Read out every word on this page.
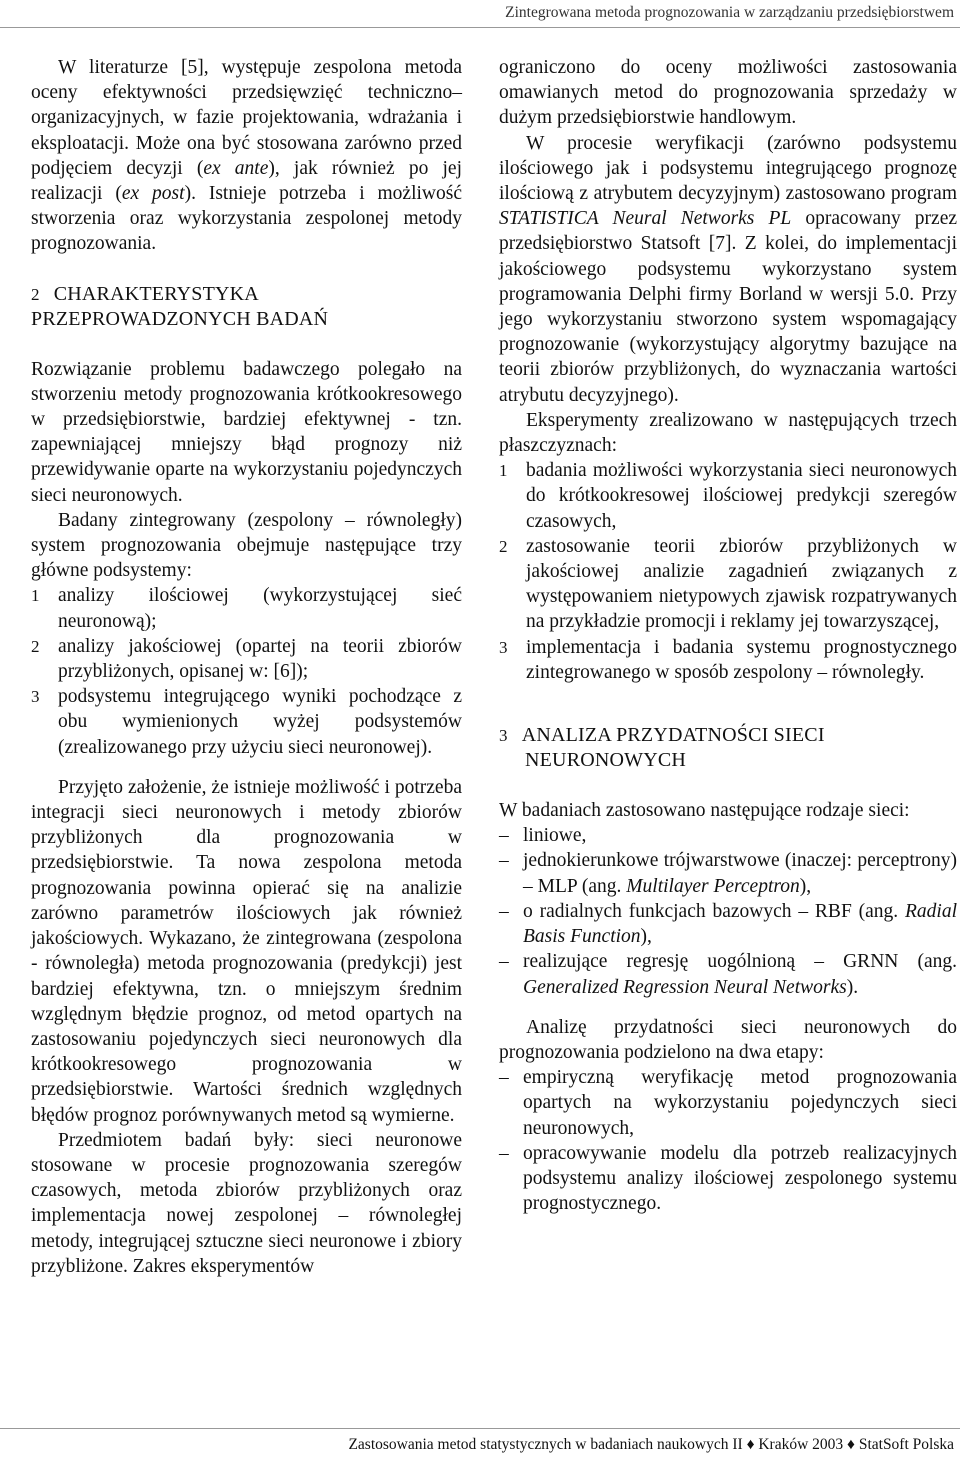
Zintegrowana metoda prognozowania w zarządzaniu przedsiębiorstwem

W literaturze [5], występuje zespolona metoda oceny efektywności przedsięwzięć techniczno–organizacyjnych, w fazie projektowania, wdrażania i eksploatacji. Może ona być stosowana zarówno przed podjęciem decyzji (ex ante), jak również po jej realizacji (ex post). Istnieje potrzeba i możliwość stworzenia oraz wykorzystania zespolonej metody prognozowania.

2 CHARAKTERYSTYKA
PRZEPROWADZONYCH BADAŃ

Rozwiązanie problemu badawczego polegało na stworzeniu metody prognozowania krótkookresowego w przedsiębiorstwie, bardziej efektywnej - tzn. zapewniającej mniejszy błąd prognozy niż przewidywanie oparte na wykorzystaniu pojedynczych sieci neuronowych.

Badany zintegrowany (zespolony – równoległy) system prognozowania obejmuje następujące trzy główne podsystemy:

1 analizy ilościowej (wykorzystującej sieć neuronową);
2 analizy jakościowej (opartej na teorii zbiorów przybliżonych, opisanej w: [6]);
3 podsystemu integrującego wyniki pochodzące z obu wymienionych wyżej podsystemów (zrealizowanego przy użyciu sieci neuronowej).

Przyjęto założenie, że istnieje możliwość i potrzeba integracji sieci neuronowych i metody zbiorów przybliżonych dla prognozowania w przedsiębiorstwie. Ta nowa zespolona metoda prognozowania powinna opierać się na analizie zarówno parametrów ilościowych jak również jakościowych. Wykazano, że zintegrowana (zespolona - równoległa) metoda prognozowania (predykcji) jest bardziej efektywna, tzn. o mniejszym średnim względnym błędzie prognoz, od metod opartych na zastosowaniu pojedynczych sieci neuronowych dla krótkookresowego prognozowania w przedsiębiorstwie. Wartości średnich względnych błędów prognoz porównywanych metod są wymierne.

Przedmiotem badań były: sieci neuronowe stosowane w procesie prognozowania szeregów czasowych, metoda zbiorów przybliżonych oraz implementacja nowej zespolonej – równoległej metody, integrującej sztuczne sieci neuronowe i zbiory przybliżone. Zakres eksperymentów

ograniczono do oceny możliwości zastosowania omawianych metod do prognozowania sprzedaży w dużym przedsiębiorstwie handlowym.

W procesie weryfikacji (zarówno podsystemu ilościowego jak i podsystemu integrującego prognozę ilościową z atrybutem decyzyjnym) zastosowano program STATISTICA Neural Networks PL opracowany przez przedsiębiorstwo Statsoft [7]. Z kolei, do implementacji jakościowego podsystemu wykorzystano system programowania Delphi firmy Borland w wersji 5.0. Przy jego wykorzystaniu stworzono system wspomagający prognozowanie (wykorzystujący algorytmy bazujące na teorii zbiorów przybliżonych, do wyznaczania wartości atrybutu decyzyjnego).

Eksperymenty zrealizowano w następujących trzech płaszczyznach:

1 badania możliwości wykorzystania sieci neuronowych do krótkookresowej ilościowej predykcji szeregów czasowych,
2 zastosowanie teorii zbiorów przybliżonych w jakościowej analizie zagadnień związanych z występowaniem nietypowych zjawisk rozpatrywanych na przykładzie promocji i reklamy jej towarzyszącej,
3 implementacja i badania systemu prognostycznego zintegrowanego w sposób zespolony – równoległy.
3 ANALIZA PRZYDATNOŚCI SIECI
NEURONOWYCH

W badaniach zastosowano następujące rodzaje sieci:

– liniowe,
– jednokierunkowe trójwarstwowe (inaczej: perceptrony) – MLP (ang. Multilayer Perceptron),
– o radialnych funkcjach bazowych – RBF (ang. Radial Basis Function),
– realizujące regresję uogólnioną – GRNN (ang. Generalized Regression Neural Networks).

Analizę przydatności sieci neuronowych do prognozowania podzielono na dwa etapy:

– empiryczną weryfikację metod prognozowania opartych na wykorzystaniu pojedynczych sieci neuronowych,
– opracowywanie modelu dla potrzeb realizacyjnych podsystemu analizy ilościowej zespolonego systemu prognostycznego.
Zastosowania metod statystycznych w badaniach naukowych II ♦ Kraków 2003 ♦ StatSoft Polska
